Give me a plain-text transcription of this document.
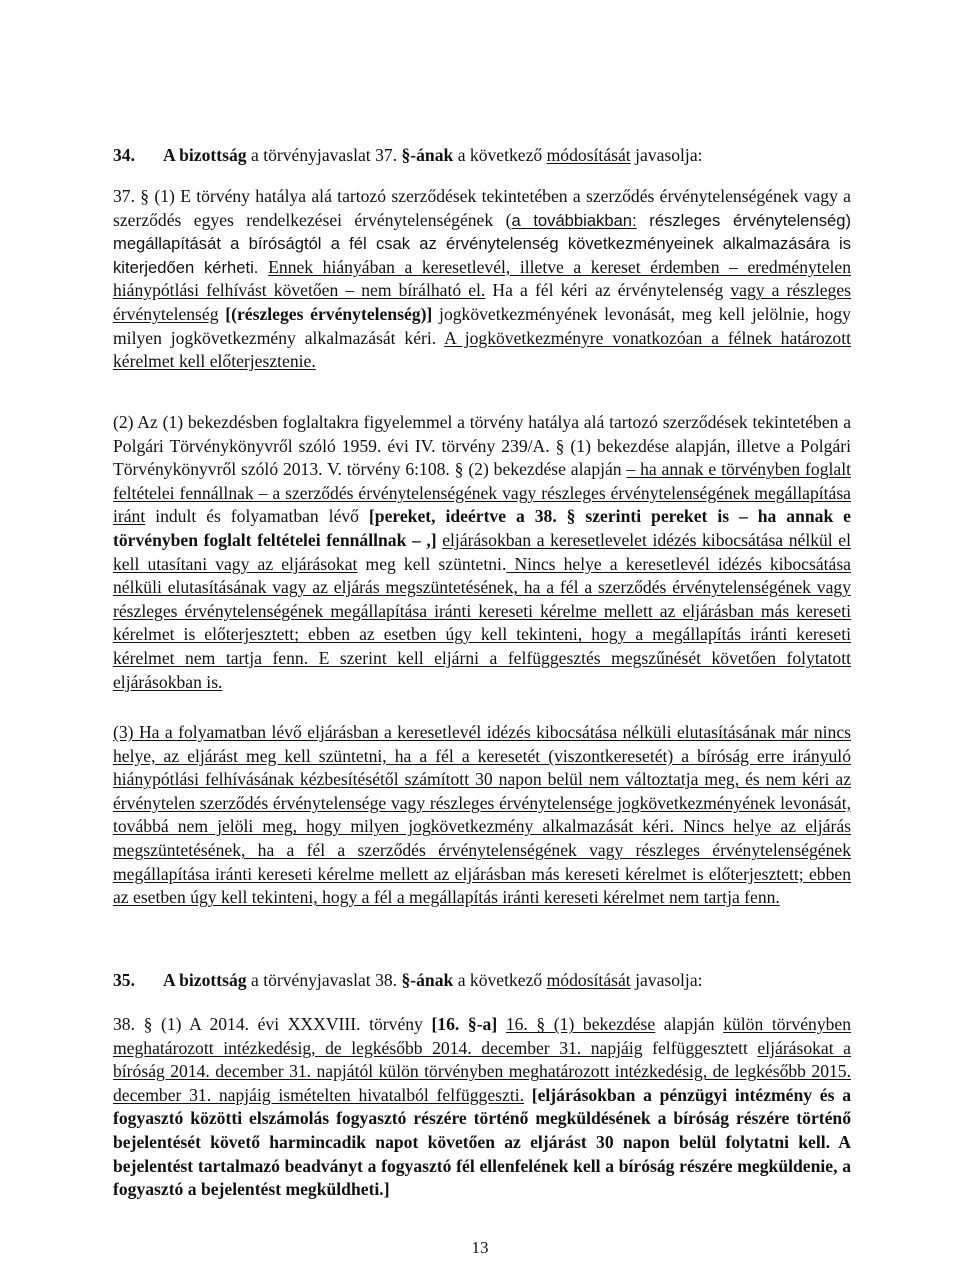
34. A bizottság a törvényjavaslat 37. §-ának a következő módosítását javasolja:
37. § (1) E törvény hatálya alá tartozó szerződések tekintetében a szerződés érvénytelenségének vagy a szerződés egyes rendelkezései érvénytelenségének (a továbbiakban: részleges érvénytelenség) megállapítását a bíróságtól a fél csak az érvénytelenség következményeinek alkalmazására is kiterjedően kérheti. Ennek hiányában a keresetlevél, illetve a kereset érdemben – eredménytelen hiánypótlási felhívást követően – nem bírálható el. Ha a fél kéri az érvénytelenség vagy a részleges érvénytelenség [(részleges érvénytelenség)] jogkövetkezményének levonását, meg kell jelölnie, hogy milyen jogkövetkezmény alkalmazását kéri. A jogkövetkezményre vonatkozóan a félnek határozott kérelmet kell előterjesztenie.
(2) Az (1) bekezdésben foglaltakra figyelemmel a törvény hatálya alá tartozó szerződések tekintetében a Polgári Törvénykönyvről szóló 1959. évi IV. törvény 239/A. § (1) bekezdése alapján, illetve a Polgári Törvénykönyvről szóló 2013. V. törvény 6:108. § (2) bekezdése alapján – ha annak e törvényben foglalt feltételei fennállnak – a szerződés érvénytelenségének vagy részleges érvénytelenségének megállapítása iránt indult és folyamatban lévő [pereket, ideértve a 38. § szerinti pereket is – ha annak e törvényben foglalt feltételei fennállnak – ,] eljárásokban a keresetlevelet idézés kibocsátása nélkül el kell utasítani vagy az eljárásokat meg kell szüntetni. Nincs helye a keresetlevél idézés kibocsátása nélküli elutasításának vagy az eljárás megszüntetésének, ha a fél a szerződés érvénytelenségének vagy részleges érvénytelenségének megállapítása iránti kereseti kérelme mellett az eljárásban más kereseti kérelmet is előterjesztett; ebben az esetben úgy kell tekinteni, hogy a megállapítás iránti kereseti kérelmet nem tartja fenn. E szerint kell eljárni a felfüggesztés megszűnését követően folytatott eljárásokban is.
(3) Ha a folyamatban lévő eljárásban a keresetlevél idézés kibocsátása nélküli elutasításának már nincs helye, az eljárást meg kell szüntetni, ha a fél a keresetét (viszontkeresetét) a bíróság erre irányuló hiánypótlási felhívásának kézbesítésétől számított 30 napon belül nem változtatja meg, és nem kéri az érvénytelen szerződés érvénytelensége vagy részleges érvénytelensége jogkövetkezményének levonását, továbbá nem jelöli meg, hogy milyen jogkövetkezmény alkalmazását kéri. Nincs helye az eljárás megszüntetésének, ha a fél a szerződés érvénytelenségének vagy részleges érvénytelenségének megállapítása iránti kereseti kérelme mellett az eljárásban más kereseti kérelmet is előterjesztett; ebben az esetben úgy kell tekinteni, hogy a fél a megállapítás iránti kereseti kérelmet nem tartja fenn.
35. A bizottság a törvényjavaslat 38. §-ának a következő módosítását javasolja:
38. § (1) A 2014. évi XXXVIII. törvény [16. §-a] 16. § (1) bekezdése alapján külön törvényben meghatározott intézkedésig, de legkésőbb 2014. december 31. napjáig felfüggesztett eljárásokat a bíróság 2014. december 31. napjától külön törvényben meghatározott intézkedésig, de legkésőbb 2015. december 31. napjáig ismételten hivatalból felfüggeszti. [eljárásokban a pénzügyi intézmény és a fogyasztó közötti elszámolás fogyasztó részére történő megküldésének a bíróság részére történő bejelentését követő harmincadik napot követően az eljárást 30 napon belül folytatni kell. A bejelentést tartalmazó beadványt a fogyasztó fél ellenfelének kell a bíróság részére megküldenie, a fogyasztó a bejelentést megküldheti.]
13
